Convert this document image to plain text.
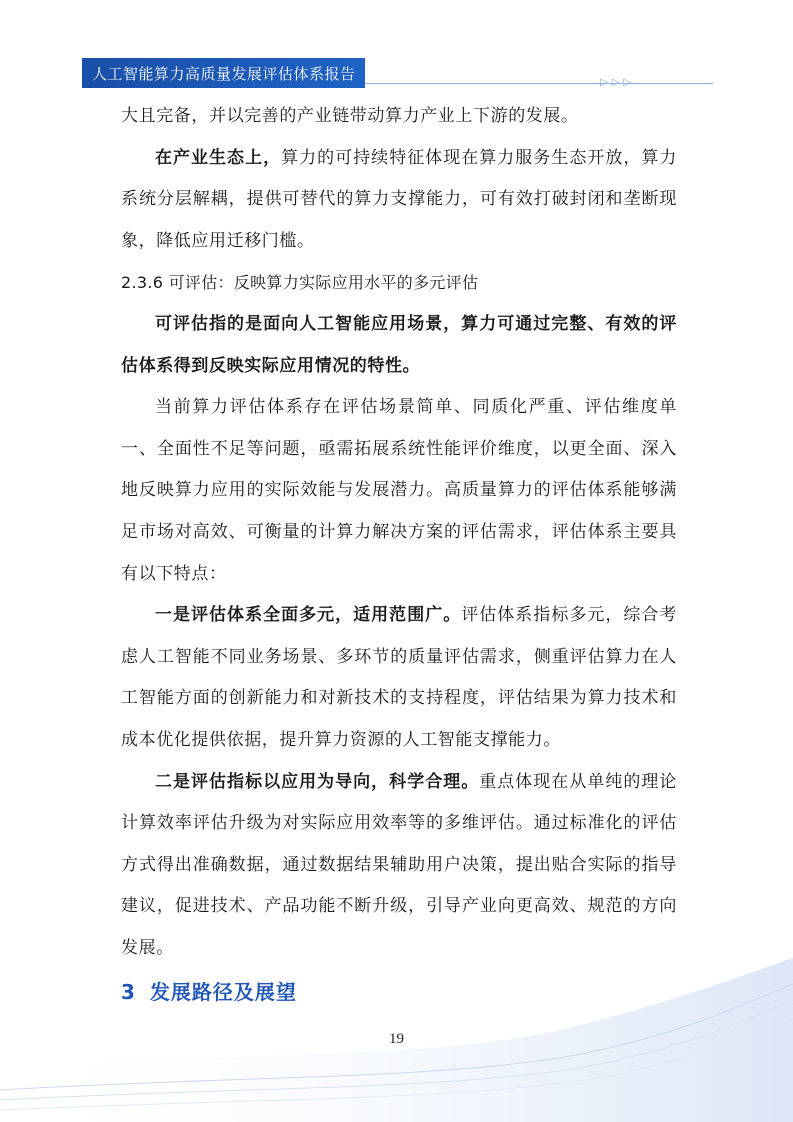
人工智能算力高质量发展评估体系报告	▷▷▷

大且完备，并以完善的产业链带动算力产业上下游的发展。

在产业生态上，算力的可持续特征体现在算力服务生态开放，算力系统分层解耦，提供可替代的算力支撑能力，可有效打破封闭和垄断现象，降低应用迁移门槛。

2.3.6 可评估：反映算力实际应用水平的多元评估

可评估指的是面向人工智能应用场景，算力可通过完整、有效的评估体系得到反映实际应用情况的特性。

当前算力评估体系存在评估场景简单、同质化严重、评估维度单一、全面性不足等问题，亟需拓展系统性能评价维度，以更全面、深入地反映算力应用的实际效能与发展潜力。高质量算力的评估体系能够满足市场对高效、可衡量的计算力解决方案的评估需求，评估体系主要具有以下特点：

一是评估体系全面多元，适用范围广。评估体系指标多元，综合考虑人工智能不同业务场景、多环节的质量评估需求，侧重评估算力在人工智能方面的创新能力和对新技术的支持程度，评估结果为算力技术和成本优化提供依据，提升算力资源的人工智能支撑能力。

二是评估指标以应用为导向，科学合理。重点体现在从单纯的理论计算效率评估升级为对实际应用效率等的多维评估。通过标准化的评估方式得出准确数据，通过数据结果辅助用户决策，提出贴合实际的指导建议，促进技术、产品功能不断升级，引导产业向更高效、规范的方向发展。

3 发展路径及展望
19
